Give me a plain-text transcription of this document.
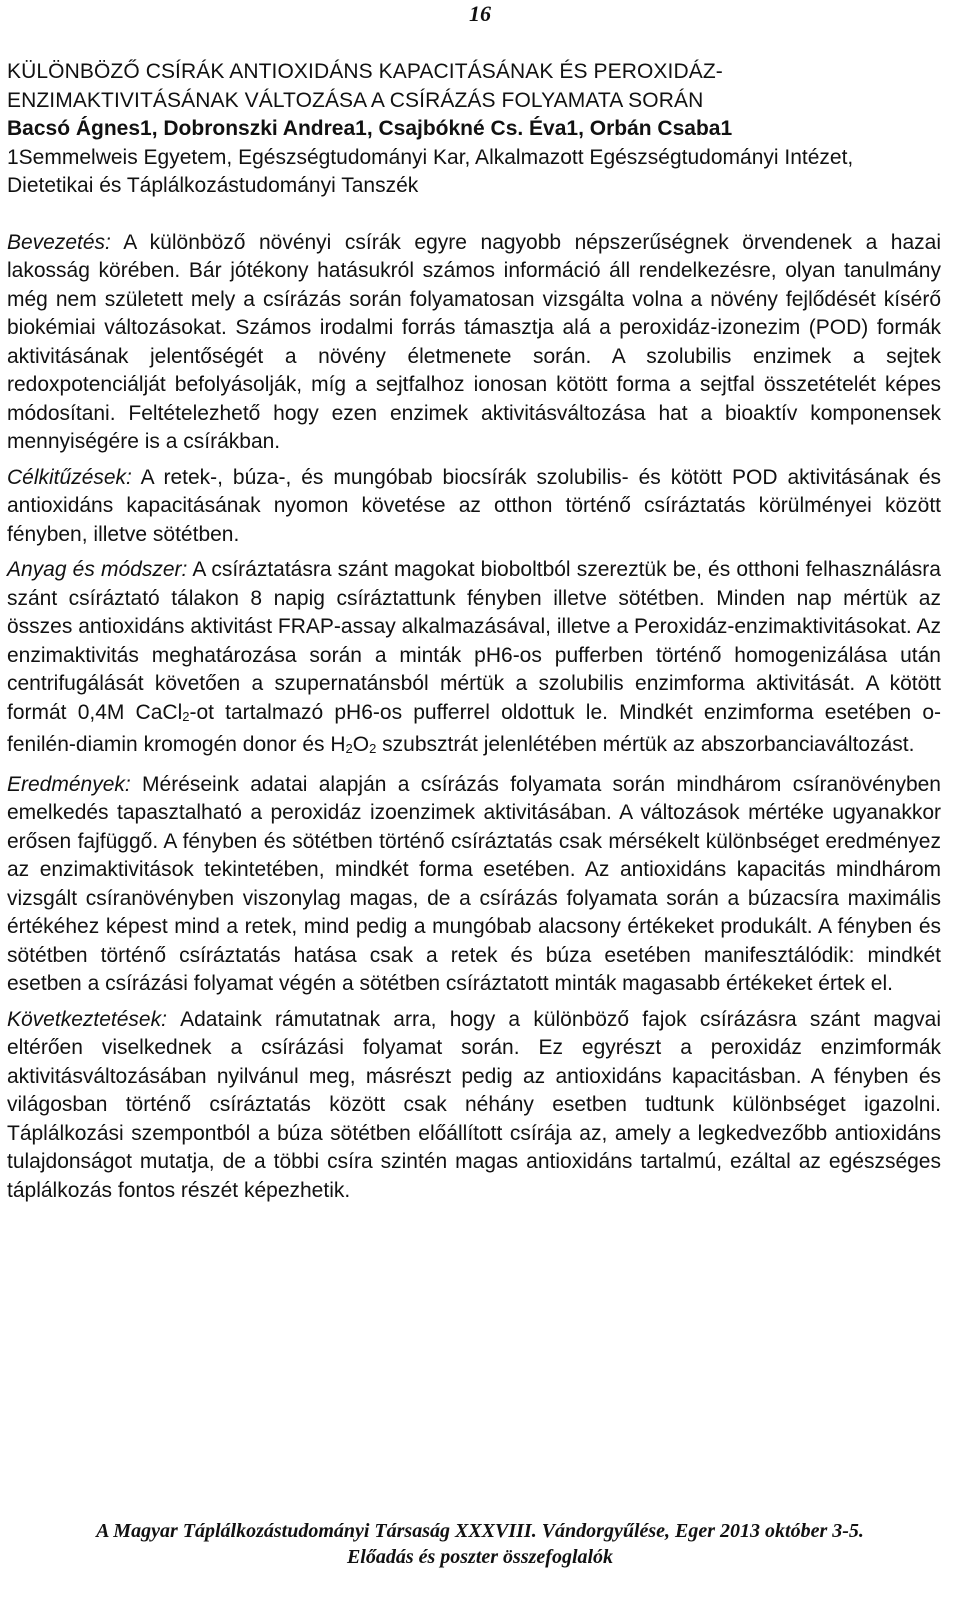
16

KÜLÖNBÖZŐ CSÍRÁK ANTIOXIDÁNS KAPACITÁSÁNAK ÉS PEROXIDÁZ-

ENZIMAKTIVITÁSÁNAK VÁLTOZÁSA A CSÍRÁZÁS FOLYAMATA SORÁN

Bacsó Ágnes1, Dobronszki Andrea1, Csajbókné Cs. Éva1, Orbán Csaba1

1Semmelweis Egyetem, Egészségtudományi Kar, Alkalmazott Egészségtudományi Intézet, Dietetikai és Táplálkozástudományi Tanszék

Bevezetés: A különböző növényi csírák egyre nagyobb népszerűségnek örvendenek a hazai lakosság körében. Bár jótékony hatásukról számos információ áll rendelkezésre, olyan tanulmány még nem született mely a csírázás során folyamatosan vizsgálta volna a növény fejlődését kísérő biokémiai változásokat. Számos irodalmi forrás támasztja alá a peroxidáz-izonezim (POD) formák aktivitásának jelentőségét a növény életmenete során. A szolubilis enzimek a sejtek redoxpotenciálját befolyásolják, míg a sejtfalhoz ionosan kötött forma a sejtfal összetételét képes módosítani. Feltételezhető hogy ezen enzimek aktivitásváltozása hat a bioaktív komponensek mennyiségére is a csírákban.

Célkitűzések: A retek-, búza-, és mungóbab biocsírák szolubilis- és kötött POD aktivitásának és antioxidáns kapacitásának nyomon követése az otthon történő csíráztatás körülményei között fényben, illetve sötétben.

Anyag és módszer: A csíráztatásra szánt magokat bioboltból szereztük be, és otthoni felhasználásra szánt csíráztató tálakon 8 napig csíráztattunk fényben illetve sötétben. Minden nap mértük az összes antioxidáns aktivitást FRAP-assay alkalmazásával, illetve a Peroxidáz-enzimaktivitásokat. Az enzimaktivitás meghatározása során a minták pH6-os pufferben történő homogenizálása után centrifugálását követően a szupernatánsból mértük a szolubilis enzimforma aktivitását. A kötött formát 0,4M CaCl2-ot tartalmazó pH6-os pufferrel oldottuk le. Mindkét enzimforma esetében o-fenilén-diamin kromogén donor és H2O2 szubsztrát jelenlétében mértük az abszorbanciaváltozást.

Eredmények: Méréseink adatai alapján a csírázás folyamata során mindhárom csíranövényben emelkedés tapasztalható a peroxidáz izoenzimek aktivitásában. A változások mértéke ugyanakkor erősen fajfüggő. A fényben és sötétben történő csíráztatás csak mérsékelt különbséget eredményez az enzimaktivitások tekintetében, mindkét forma esetében. Az antioxidáns kapacitás mindhárom vizsgált csíranövényben viszonylag magas, de a csírázás folyamata során a búzacsíra maximális értékéhez képest mind a retek, mind pedig a mungóbab alacsony értékeket produkált. A fényben és sötétben történő csíráztatás hatása csak a retek és búza esetében manifesztálódik: mindkét esetben a csírázási folyamat végén a sötétben csíráztatott minták magasabb értékeket értek el.

Következtetések: Adataink rámutatnak arra, hogy a különböző fajok csírázásra szánt magvai eltérően viselkednek a csírázási folyamat során. Ez egyrészt a peroxidáz enzimformák aktivitásváltozásában nyilvánul meg, másrészt pedig az antioxidáns kapacitásban. A fényben és világosban történő csíráztatás között csak néhány esetben tudtunk különbséget igazolni. Táplálkozási szempontból a búza sötétben előállított csírája az, amely a legkedvezőbb antioxidáns tulajdonságot mutatja, de a többi csíra szintén magas antioxidáns tartalmú, ezáltal az egészséges táplálkozás fontos részét képezhetik.

A Magyar Táplálkozástudományi Társaság XXXVIII. Vándorgyűlése, Eger 2013 október 3-5.
Előadás és poszter összefoglalók
